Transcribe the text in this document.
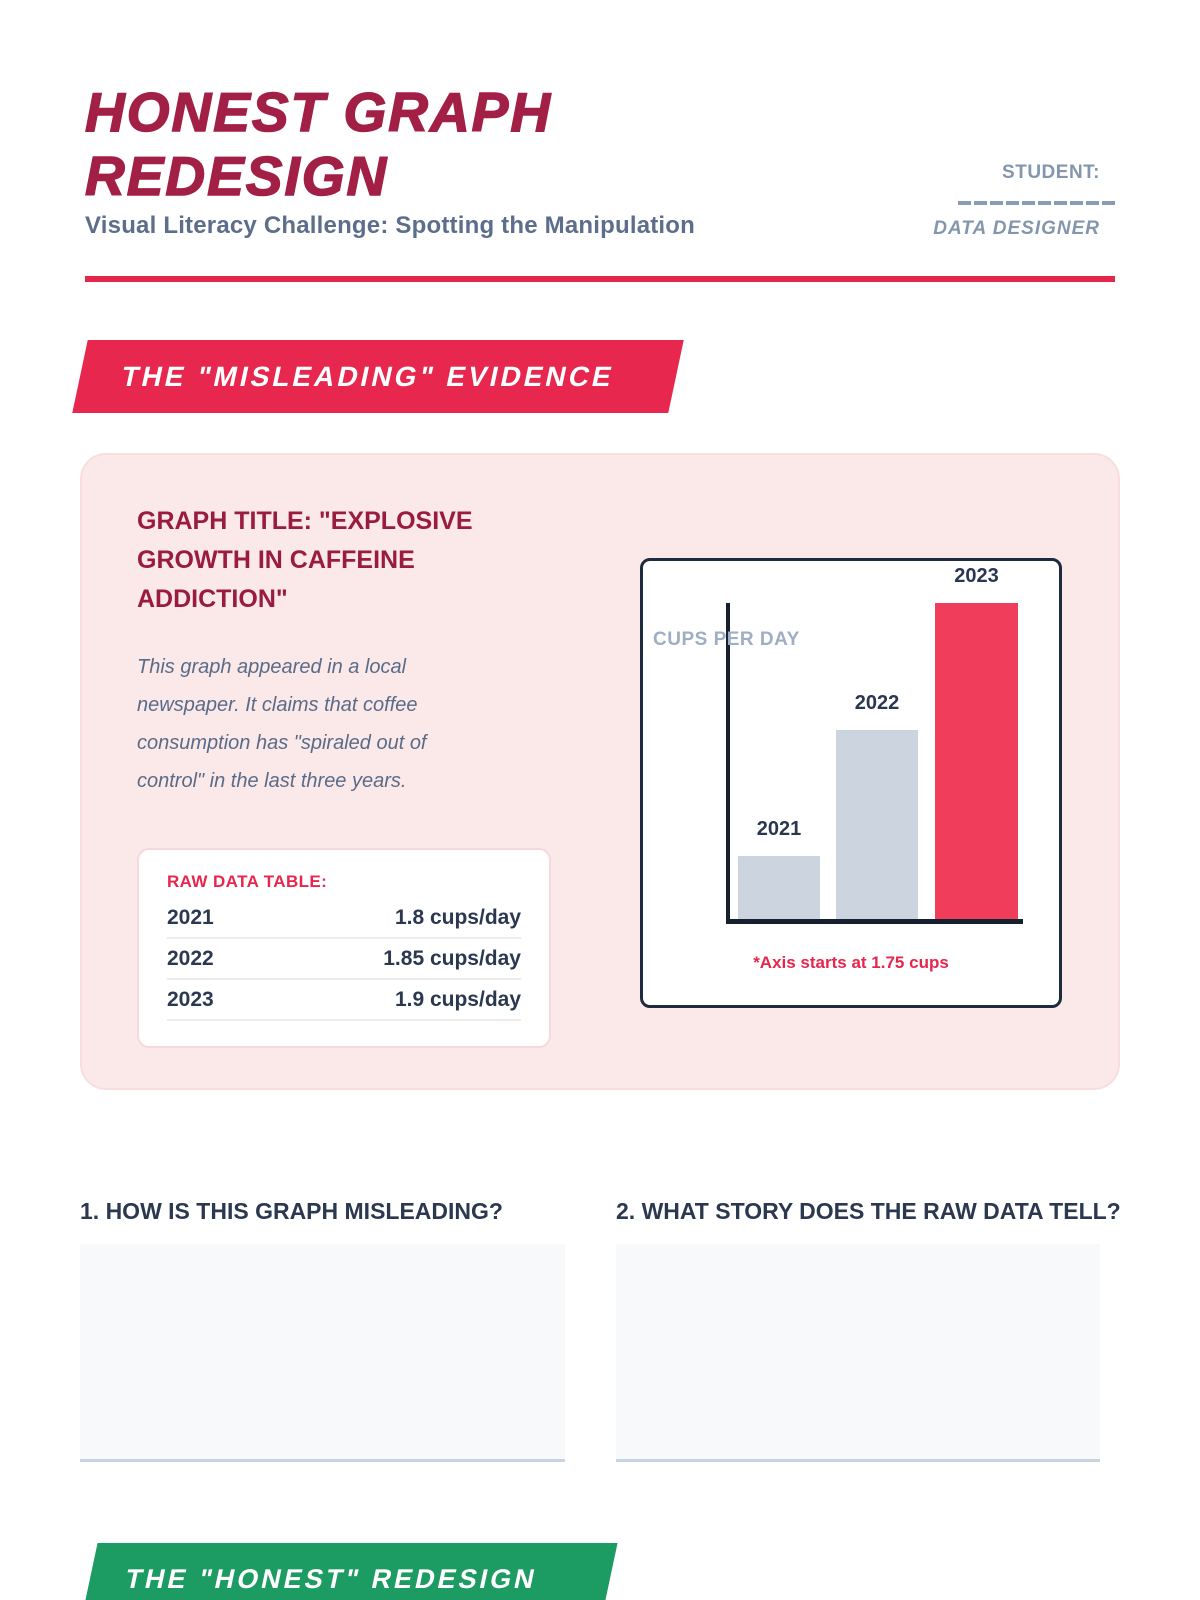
HONEST GRAPH
REDESIGN
Visual Literacy Challenge: Spotting the Manipulation
STUDENT:
DATA DESIGNER
THE "MISLEADING" EVIDENCE
GRAPH TITLE: "EXPLOSIVE GROWTH IN CAFFEINE ADDICTION"
This graph appeared in a local newspaper. It claims that coffee consumption has "spiraled out of control" in the last three years.
RAW DATA TABLE:
2021	1.8 cups/day
2022	1.85 cups/day
2023	1.9 cups/day
CUPS PER DAY
2021
2022
2023
*Axis starts at 1.75 cups
1. HOW IS THIS GRAPH MISLEADING?	2. WHAT STORY DOES THE RAW DATA TELL?
THE "HONEST" REDESIGN
